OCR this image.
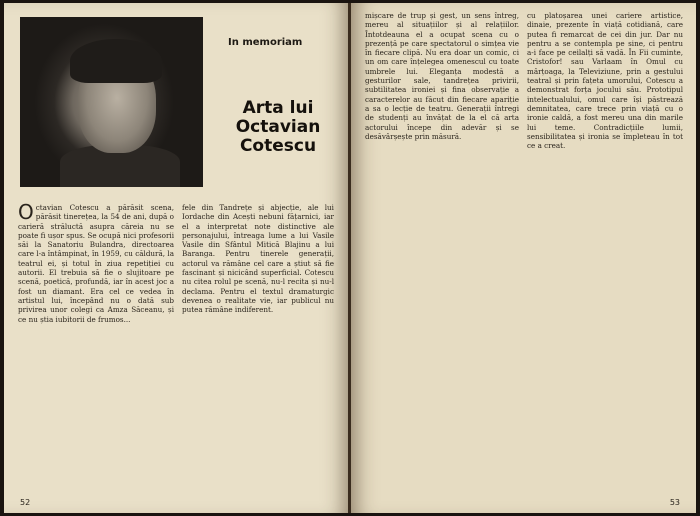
In memoriam
Arta lui
Octavian Cotescu
Octavian Cotescu a părăsit scena, părăsit tinerețea, la 54 de ani, după o carieră străluctă asupra căreia nu se poate fi ușor spus. Se ocupă nici profesorii săi la Sanatoriu Bulandra, directoarea care l-a întâmpinat, în 1959, cu căldură, la teatrul ei, și totul în ziua repetiției cu autorii. El trebuia să fie o slujitoare pe scenă, poetică, profundă, iar în acest joc a fost un diamant. Era cel ce vedea în artistul lui, începând nu o dată sub privirea unor colegi ca Amza Săceanu, și ce nu știa iubitorii de frumos...
fele din Tandrețe și abjecție, ale lui Iordache din Acești nebuni fățarnici, iar el a interpretat note distinctive ale personajului, întreaga lume a lui Vasile Vasile din Sfântul Mitică Blajinu a lui Baranga. Pentru tinerele generații, actorul va rămâne cel care a știut să fie fascinant și nicicând superficial. Cotescu nu citea rolul pe scenă, nu-l recita și nu-l declama. Pentru el textul dramaturgic devenea o realitate vie, iar publicul nu putea rămâne indiferent.
52
mișcare de trup și gest, un sens întreg, mereu al situațiilor și al relațiilor. Întotdeauna el a ocupat scena cu o prezență pe care spectatorul o simțea vie în fiecare clipă. Nu era doar un comic, ci un om care înțelegea omenescul cu toate umbrele lui. Eleganța modestă a gesturilor sale, tandrețea privirii, subtilitatea ironiei și fina observație a caracterelor au făcut din fiecare apariție a sa o lecție de teatru. Generații întregi de studenți au învățat de la el că arta actorului începe din adevăr și se desăvârșește prin măsură.
cu platoșarea unei cariere artistice, dinaie, prezente în viață cotidiană, care putea fi remarcat de cei din jur. Dar nu pentru a se contempla pe sine, ci pentru a-i face pe ceilalți să vadă. În Fii cuminte, Cristofor! sau Varlaam în Omul cu mârțoaga, la Televiziune, prin a gestului teatral și prin fațeta umorului, Cotescu a demonstrat forța jocului său. Prototipul intelectualului, omul care își păstrează demnitatea, care trece prin viață cu o ironie caldă, a fost mereu una din marile lui teme. Contradicțiile lumii, sensibilitatea și ironia se împleteau în tot ce a creat.
53
